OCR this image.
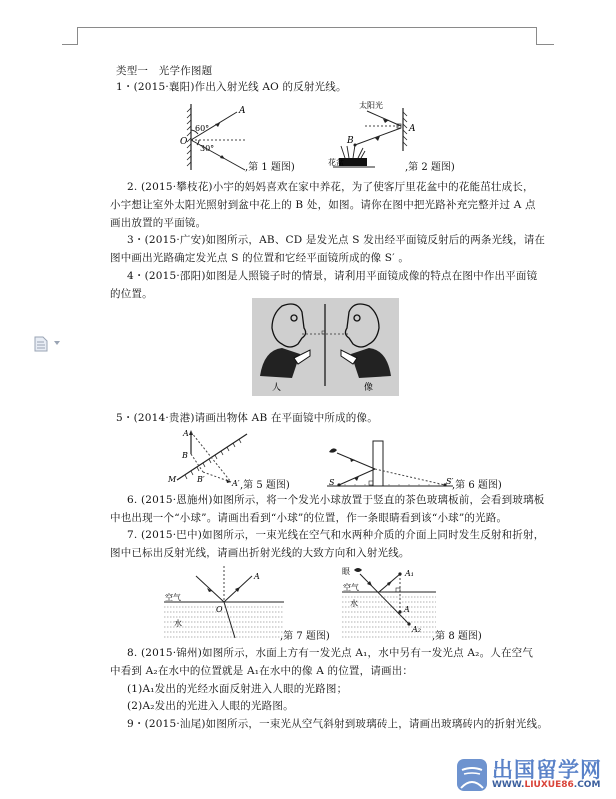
类型一　光学作图题
1・(2015·襄阳)作出入射光线 AO 的反射光线。
A
O
60°
30°
,第 1 题图)
太阳光
A
B
花盆	,第 2 题图)
2. (2015·攀枝花)小宇的妈妈喜欢在家中养花，为了使客厅里花盆中的花能茁壮成长，
小宇想让室外太阳光照射到盆中花上的 B 处，如图。请你在图中把光路补充完整并过 A 点
画出放置的平面镜。
3・(2015·广安)如图所示，AB、CD 是发光点 S 发出经平面镜反射后的两条光线，请在
图中画出光路确定发光点 S 的位置和它经平面镜所成的像 S′ 。
4・(2015·邵阳)如图是人照镜子时的情景，请利用平面镜成像的特点在图中作出平面镜
的位置。
人	像
5・(2014·贵港)请画出物体 AB 在平面镜中所成的像。
A
B
M	B′	A′ ,第 5 题图)	S	S′
,第 6 题图)
6. (2015·恩施州)如图所示，将一个发光小球放置于竖直的茶色玻璃板前，会看到玻璃板
中也出现一个“小球”。请画出看到“小球”的位置，作一条眼睛看到该“小球”的光路。
7. (2015·巴中)如图所示，一束光线在空气和水两种介质的介面上同时发生反射和折射，
图中已标出反射光线，请画出折射光线的大致方向和入射光线。
A
空气
O
水
,第 7 题图)
眼
空气
水
A₁
A
A₂
,第 8 题图)
8. (2015·锦州)如图所示，水面上方有一发光点 A₁，水中另有一发光点 A₂。人在空气
中看到 A₂在水中的位置就是 A₁在水中的像 A 的位置，请画出：
(1)A₁发出的光经水面反射进入人眼的光路图；
(2)A₂发出的光进入人眼的光路图。
9・(2015·汕尾)如图所示，一束光从空气斜射到玻璃砖上，请画出玻璃砖内的折射光线。
出国留学网
WWW.LIUXUE86.COM
